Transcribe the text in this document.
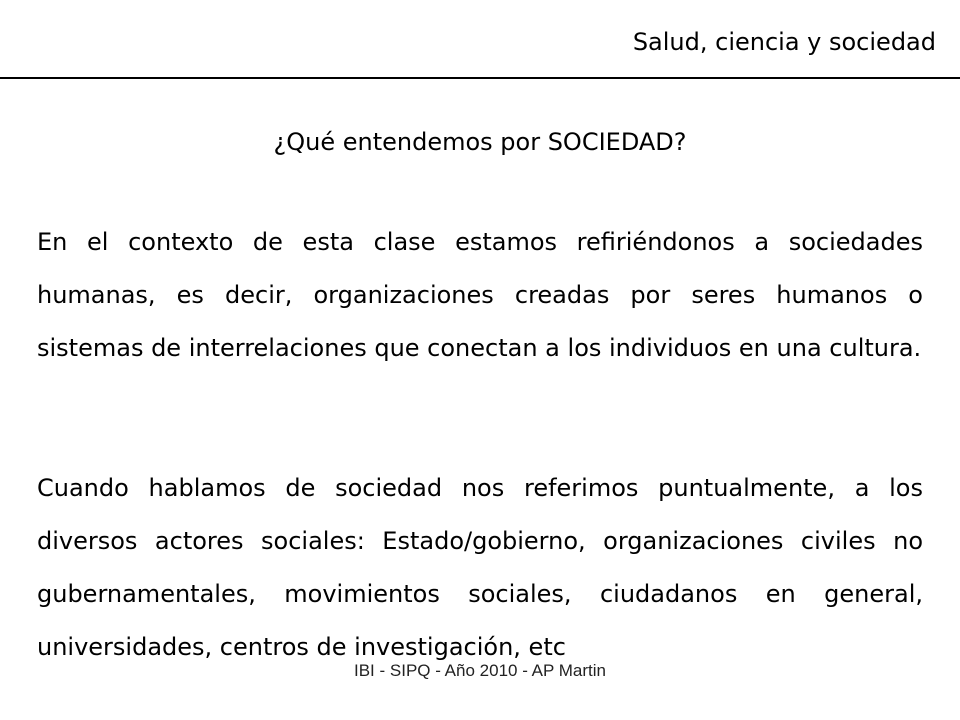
Salud, ciencia y sociedad
¿Qué entendemos por SOCIEDAD?

En el contexto de esta clase estamos refiriéndonos a sociedades humanas, es decir, organizaciones creadas por seres humanos o sistemas de interrelaciones que conectan a los individuos en una cultura.

Cuando hablamos de sociedad nos referimos puntualmente, a los diversos actores sociales: Estado/gobierno, organizaciones civiles no gubernamentales, movimientos sociales, ciudadanos en general, universidades, centros de investigación, etc

IBI - SIPQ - Año 2010 - AP Martin
